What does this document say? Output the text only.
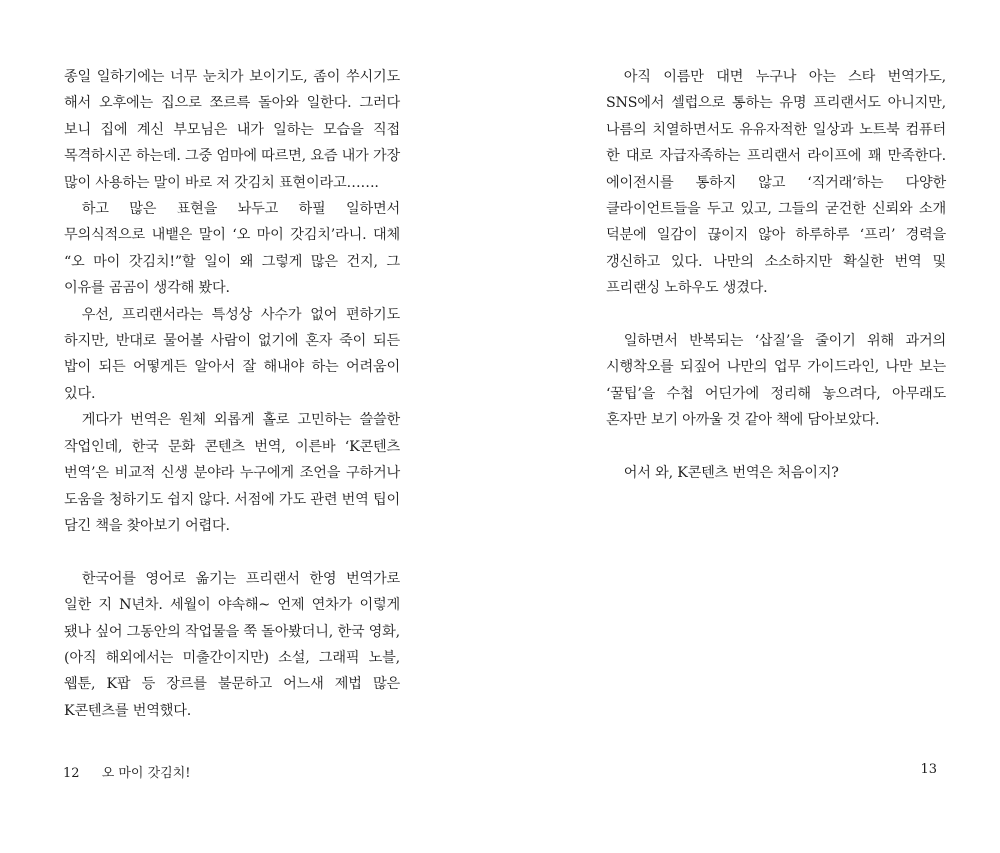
종일 일하기에는 너무 눈치가 보이기도, 좀이 쑤시기도 해서 오후에는 집으로 쪼르륵 돌아와 일한다. 그러다 보니 집에 계신 부모님은 내가 일하는 모습을 직접 목격하시곤 하는데. 그중 엄마에 따르면, 요즘 내가 가장 많이 사용하는 말이 바로 저 갓김치 표현이라고…….

하고 많은 표현을 놔두고 하필 일하면서 무의식적으로 내뱉은 말이 ‘오 마이 갓김치’라니. 대체 “오 마이 갓김치!”할 일이 왜 그렇게 많은 건지, 그 이유를 곰곰이 생각해 봤다.

우선, 프리랜서라는 특성상 사수가 없어 편하기도 하지만, 반대로 물어볼 사람이 없기에 혼자 죽이 되든 밥이 되든 어떻게든 알아서 잘 해내야 하는 어려움이 있다.

게다가 번역은 원체 외롭게 홀로 고민하는 쓸쓸한 작업인데, 한국 문화 콘텐츠 번역, 이른바 ‘K콘텐츠 번역’은 비교적 신생 분야라 누구에게 조언을 구하거나 도움을 청하기도 쉽지 않다. 서점에 가도 관련 번역 팁이 담긴 책을 찾아보기 어렵다.

한국어를 영어로 옮기는 프리랜서 한영 번역가로 일한 지 N년차. 세월이 야속해~ 언제 연차가 이렇게 됐나 싶어 그동안의 작업물을 쭉 돌아봤더니, 한국 영화, (아직 해외에서는 미출간이지만) 소설, 그래픽 노블, 웹툰, K팝 등 장르를 불문하고 어느새 제법 많은 K콘텐츠를 번역했다.

12 오 마이 갓김치!

아직 이름만 대면 누구나 아는 스타 번역가도, SNS에서 셀럽으로 통하는 유명 프리랜서도 아니지만, 나름의 치열하면서도 유유자적한 일상과 노트북 컴퓨터 한 대로 자급자족하는 프리랜서 라이프에 꽤 만족한다. 에이전시를 통하지 않고 ‘직거래’하는 다양한 클라이언트들을 두고 있고, 그들의 굳건한 신뢰와 소개 덕분에 일감이 끊이지 않아 하루하루 ‘프리’ 경력을 갱신하고 있다. 나만의 소소하지만 확실한 번역 및 프리랜싱 노하우도 생겼다.

일하면서 반복되는 ‘삽질’을 줄이기 위해 과거의 시행착오를 되짚어 나만의 업무 가이드라인, 나만 보는 ‘꿀팁’을 수첩 어딘가에 정리해 놓으려다, 아무래도 혼자만 보기 아까울 것 같아 책에 담아보았다.

어서 와, K콘텐츠 번역은 처음이지?

13
